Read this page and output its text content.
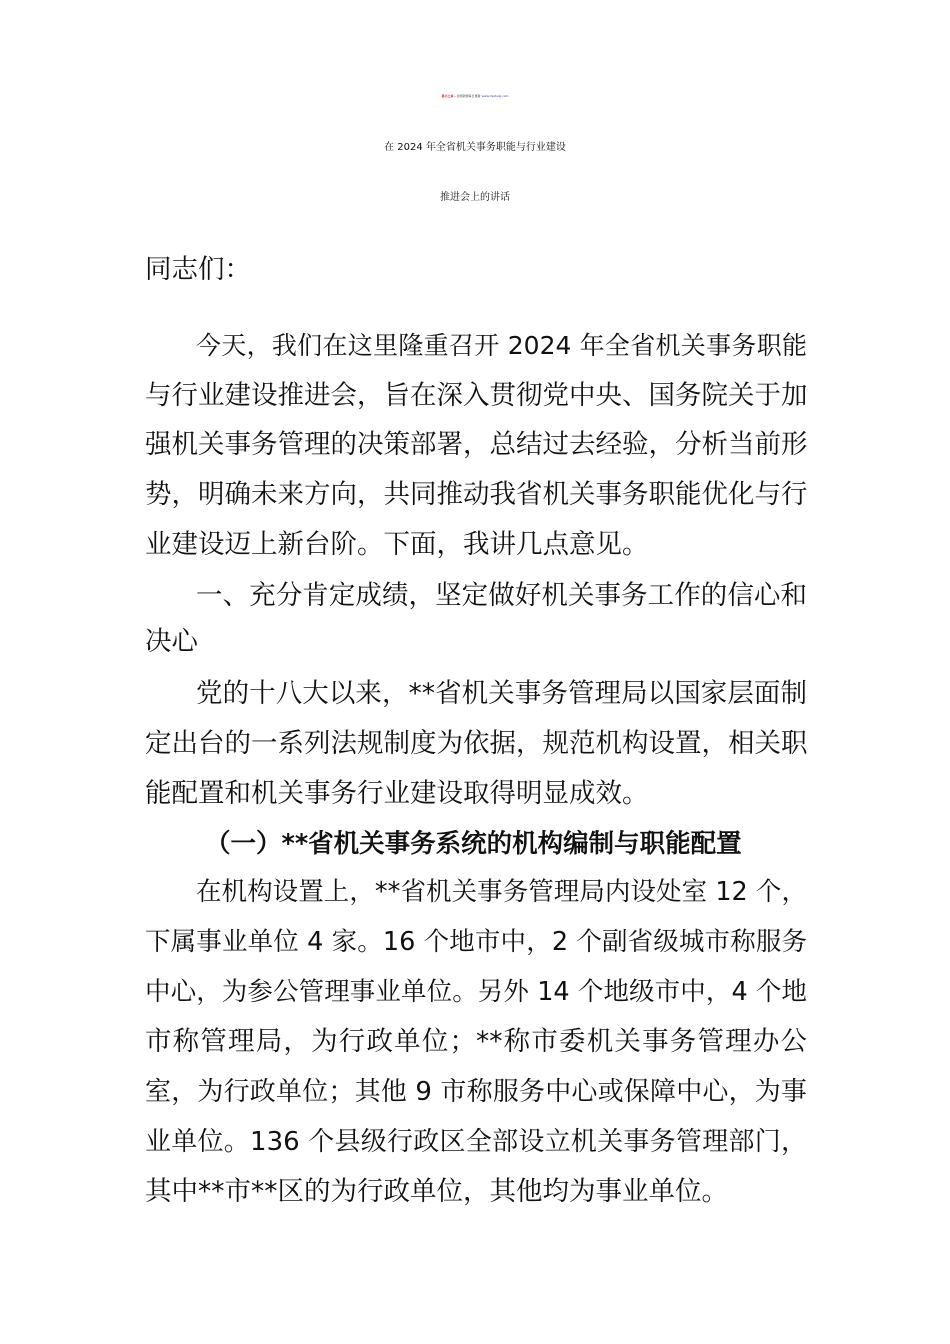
秘书之家—全网资源每日更新 www.mishuzj.com
在 2024 年全省机关事务职能与行业建设
推进会上的讲话
同志们：
今天，我们在这里隆重召开 2024 年全省机关事务职能
与行业建设推进会，旨在深入贯彻党中央、国务院关于加
强机关事务管理的决策部署，总结过去经验，分析当前形
势，明确未来方向，共同推动我省机关事务职能优化与行
业建设迈上新台阶。下面，我讲几点意见。
一、充分肯定成绩，坚定做好机关事务工作的信心和
决心
党的十八大以来，**省机关事务管理局以国家层面制
定出台的一系列法规制度为依据，规范机构设置，相关职
能配置和机关事务行业建设取得明显成效。
（一）**省机关事务系统的机构编制与职能配置
在机构设置上，**省机关事务管理局内设处室 12 个，
下属事业单位 4 家。16 个地市中，2 个副省级城市称服务
中心，为参公管理事业单位。另外 14 个地级市中，4 个地
市称管理局，为行政单位；**称市委机关事务管理办公
室，为行政单位；其他 9 市称服务中心或保障中心，为事
业单位。136 个县级行政区全部设立机关事务管理部门，
其中**市**区的为行政单位，其他均为事业单位。
